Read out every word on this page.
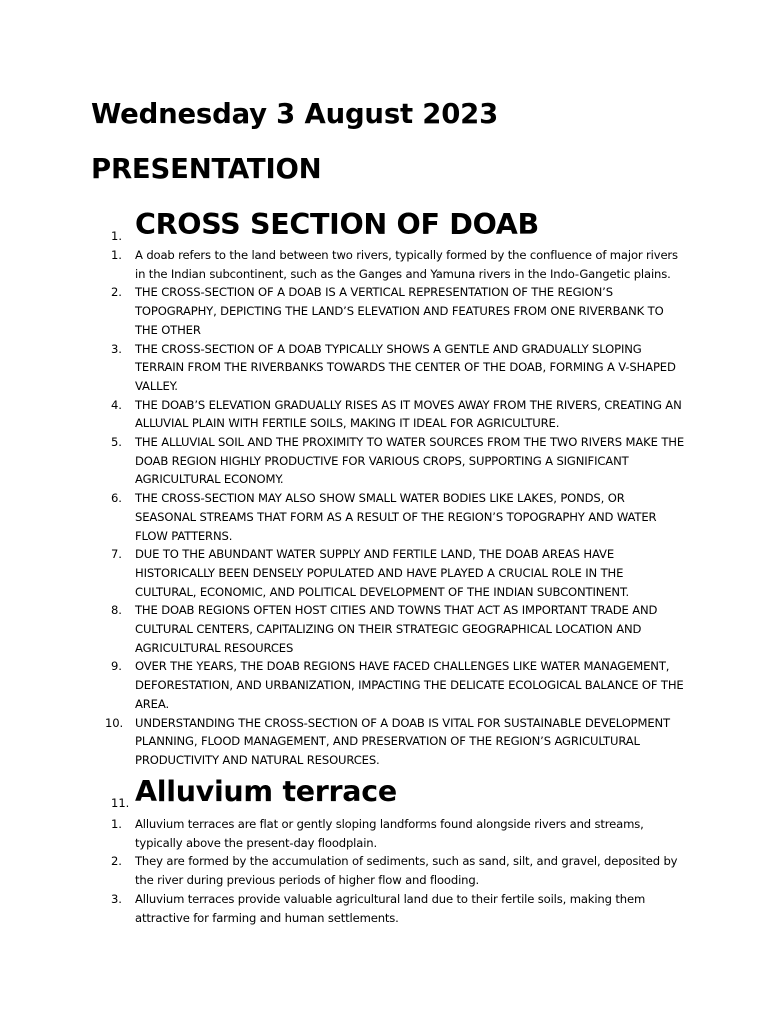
Wednesday 3 August 2023
PRESENTATION
1. CROSS SECTION OF DOAB
1.	A doab refers to the land between two rivers, typically formed by the confluence of major rivers in the Indian subcontinent, such as the Ganges and Yamuna rivers in the Indo-Gangetic plains.
2.	THE CROSS-SECTION OF A DOAB IS A VERTICAL REPRESENTATION OF THE REGION’S TOPOGRAPHY, DEPICTING THE LAND’S ELEVATION AND FEATURES FROM ONE RIVERBANK TO THE OTHER
3.	THE CROSS-SECTION OF A DOAB TYPICALLY SHOWS A GENTLE AND GRADUALLY SLOPING TERRAIN FROM THE RIVERBANKS TOWARDS THE CENTER OF THE DOAB, FORMING A V-SHAPED VALLEY.
4.	THE DOAB’S ELEVATION GRADUALLY RISES AS IT MOVES AWAY FROM THE RIVERS, CREATING AN ALLUVIAL PLAIN WITH FERTILE SOILS, MAKING IT IDEAL FOR AGRICULTURE.
5.	THE ALLUVIAL SOIL AND THE PROXIMITY TO WATER SOURCES FROM THE TWO RIVERS MAKE THE DOAB REGION HIGHLY PRODUCTIVE FOR VARIOUS CROPS, SUPPORTING A SIGNIFICANT AGRICULTURAL ECONOMY.
6.	THE CROSS-SECTION MAY ALSO SHOW SMALL WATER BODIES LIKE LAKES, PONDS, OR SEASONAL STREAMS THAT FORM AS A RESULT OF THE REGION’S TOPOGRAPHY AND WATER FLOW PATTERNS.
7.	DUE TO THE ABUNDANT WATER SUPPLY AND FERTILE LAND, THE DOAB AREAS HAVE HISTORICALLY BEEN DENSELY POPULATED AND HAVE PLAYED A CRUCIAL ROLE IN THE CULTURAL, ECONOMIC, AND POLITICAL DEVELOPMENT OF THE INDIAN SUBCONTINENT.
8.	THE DOAB REGIONS OFTEN HOST CITIES AND TOWNS THAT ACT AS IMPORTANT TRADE AND CULTURAL CENTERS, CAPITALIZING ON THEIR STRATEGIC GEOGRAPHICAL LOCATION AND AGRICULTURAL RESOURCES
9.	OVER THE YEARS, THE DOAB REGIONS HAVE FACED CHALLENGES LIKE WATER MANAGEMENT, DEFORESTATION, AND URBANIZATION, IMPACTING THE DELICATE ECOLOGICAL BALANCE OF THE AREA.
10.	UNDERSTANDING THE CROSS-SECTION OF A DOAB IS VITAL FOR SUSTAINABLE DEVELOPMENT PLANNING, FLOOD MANAGEMENT, AND PRESERVATION OF THE REGION’S AGRICULTURAL PRODUCTIVITY AND NATURAL RESOURCES.
11. Alluvium terrace
1.	Alluvium terraces are flat or gently sloping landforms found alongside rivers and streams, typically above the present-day floodplain.
2.	They are formed by the accumulation of sediments, such as sand, silt, and gravel, deposited by the river during previous periods of higher flow and flooding.
3.	Alluvium terraces provide valuable agricultural land due to their fertile soils, making them attractive for farming and human settlements.
